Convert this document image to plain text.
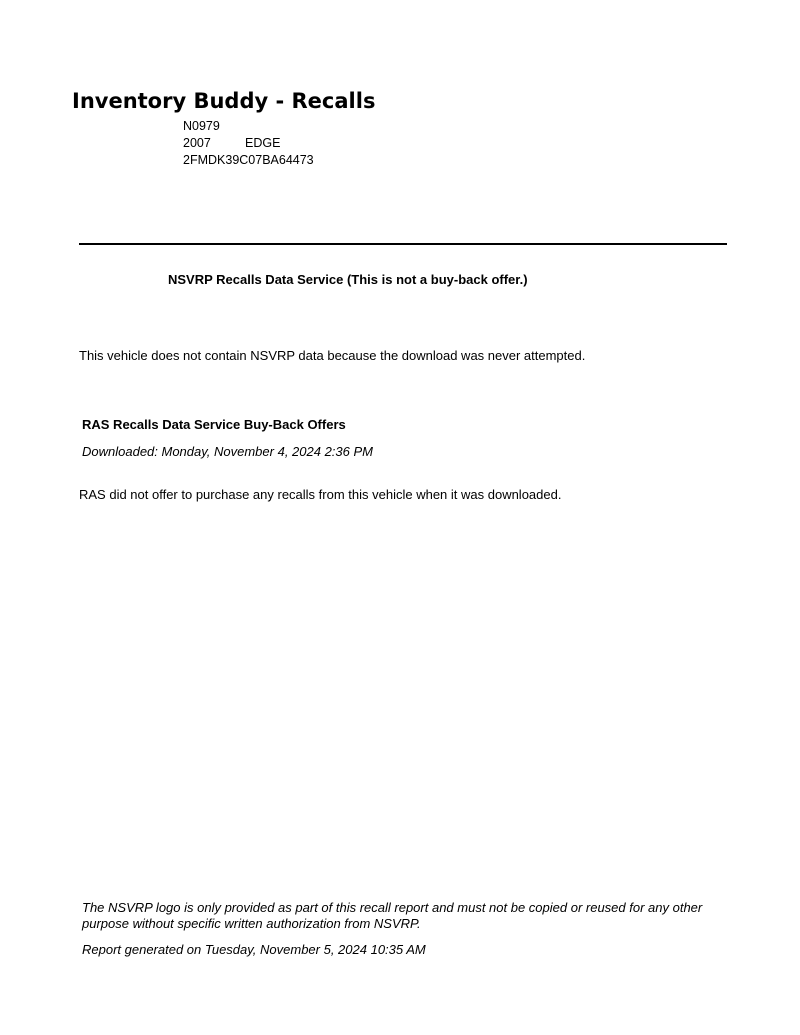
Inventory Buddy - Recalls
N0979
2007	EDGE
2FMDK39C07BA64473
NSVRP Recalls Data Service (This is not a buy-back offer.)
This vehicle does not contain NSVRP data because the download was never attempted.
RAS Recalls Data Service Buy-Back Offers
Downloaded: Monday, November 4, 2024 2:36 PM
RAS did not offer to purchase any recalls from this vehicle when it was downloaded.
The NSVRP logo is only provided as part of this recall report and must not be copied or reused for any other purpose without specific written authorization from NSVRP.
Report generated on Tuesday, November 5, 2024 10:35 AM
